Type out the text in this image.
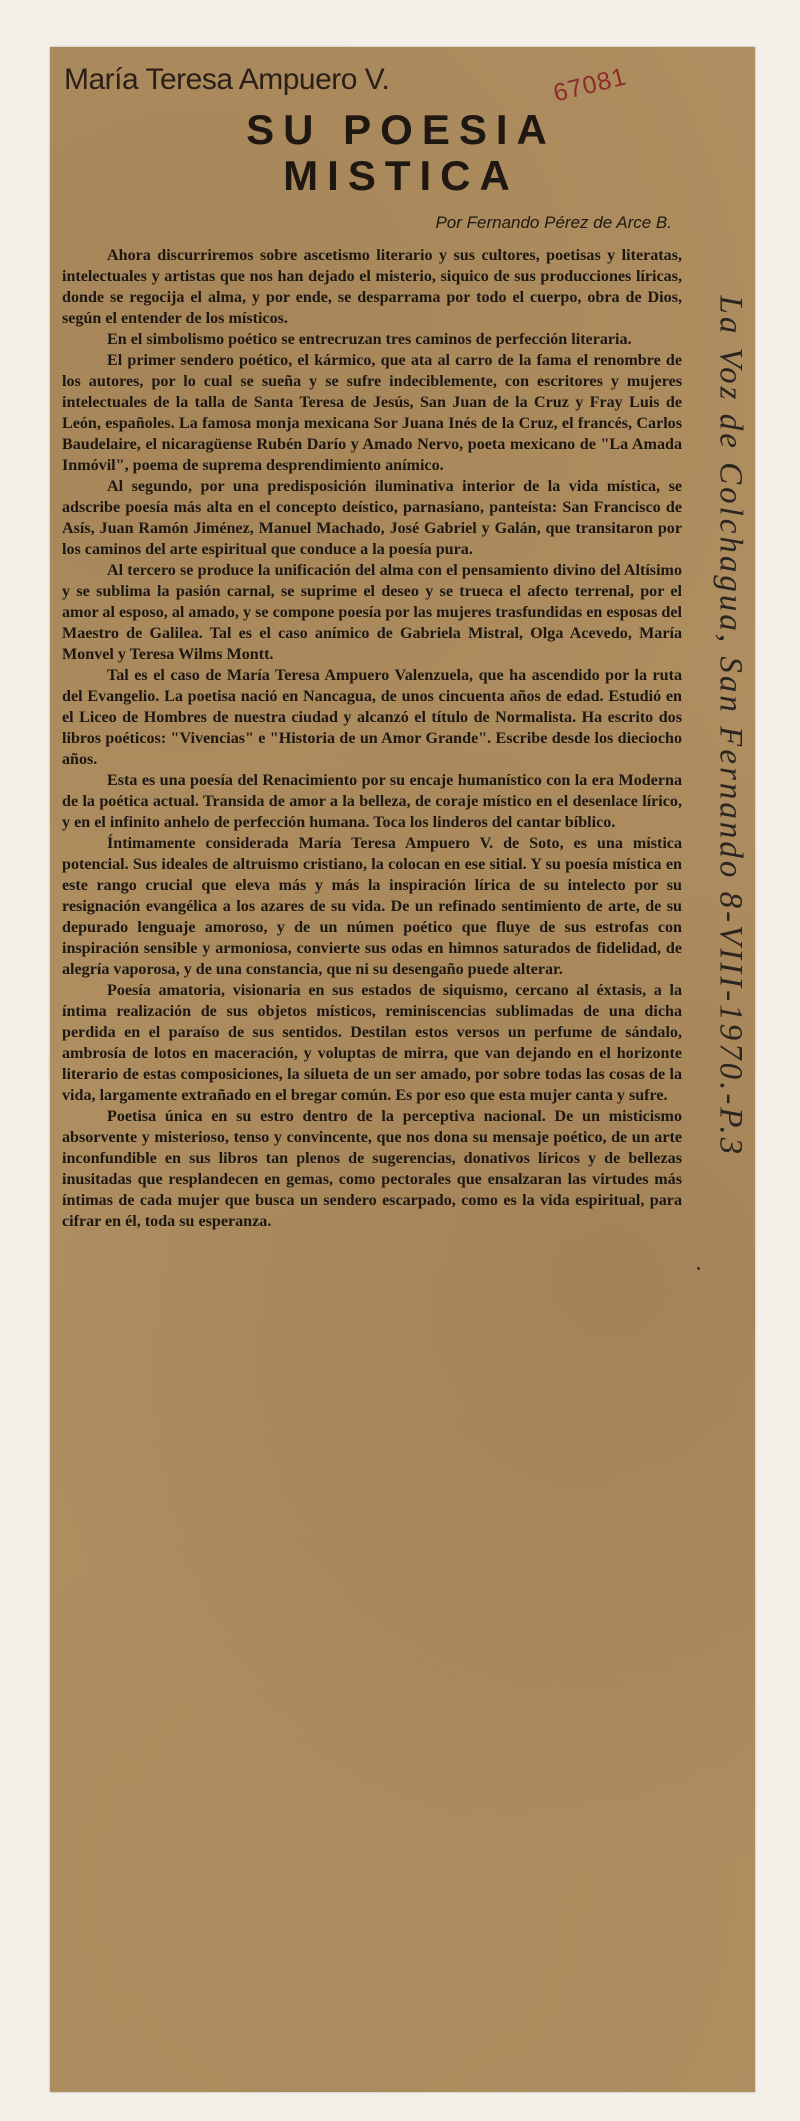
67081
María Teresa Ampuero V.
SU POESIA MISTICA
Por Fernando Pérez de Arce B.

Ahora discurriremos sobre ascetismo literario y sus cultores, poetisas y literatas, intelectuales y artistas que nos han dejado el misterio, siquico de sus producciones líricas, donde se regocija el alma, y por ende, se desparrama por todo el cuerpo, obra de Dios, según el entender de los místicos.

En el simbolismo poético se entrecruzan tres caminos de perfección literaria.

El primer sendero poético, el kármico, que ata al carro de la fama el renombre de los autores, por lo cual se sueña y se sufre indeciblemente, con escritores y mujeres intelectuales de la talla de Santa Teresa de Jesús, San Juan de la Cruz y Fray Luis de León, españoles. La famosa monja mexicana Sor Juana Inés de la Cruz, el francés, Carlos Baudelaire, el nicaragüense Rubén Darío y Amado Nervo, poeta mexicano de "La Amada Inmóvil", poema de suprema desprendimiento anímico.

Al segundo, por una predisposición iluminativa interior de la vida mística, se adscribe poesía más alta en el concepto deístico, parnasiano, panteísta: San Francisco de Asís, Juan Ramón Jiménez, Manuel Machado, José Gabriel y Galán, que transitaron por los caminos del arte espiritual que conduce a la poesía pura.

Al tercero se produce la unificación del alma con el pensamiento divino del Altísimo y se sublima la pasión carnal, se suprime el deseo y se trueca el afecto terrenal, por el amor al esposo, al amado, y se compone poesía por las mujeres trasfundidas en esposas del Maestro de Galilea. Tal es el caso anímico de Gabriela Mistral, Olga Acevedo, María Monvel y Teresa Wilms Montt.

Tal es el caso de María Teresa Ampuero Valenzuela, que ha ascendido por la ruta del Evangelio. La poetisa nació en Nancagua, de unos cincuenta años de edad. Estudió en el Liceo de Hombres de nuestra ciudad y alcanzó el título de Normalista. Ha escrito dos libros poéticos: "Vivencias" e "Historia de un Amor Grande". Escribe desde los dieciocho años.

Esta es una poesía del Renacimiento por su encaje humanístico con la era Moderna de la poética actual. Transida de amor a la belleza, de coraje místico en el desenlace lírico, y en el infinito anhelo de perfección humana. Toca los linderos del cantar bíblico.

Íntimamente considerada María Teresa Ampuero V. de Soto, es una mística potencial. Sus ideales de altruismo cristiano, la colocan en ese sitial. Y su poesía mística en este rango crucial que eleva más y más la inspiración lírica de su intelecto por su resignación evangélica a los azares de su vida. De un refinado sentimiento de arte, de su depurado lenguaje amoroso, y de un númen poético que fluye de sus estrofas con inspiración sensible y armoniosa, convierte sus odas en himnos saturados de fidelidad, de alegría vaporosa, y de una constancia, que ni su desengaño puede alterar.

Poesía amatoria, visionaria en sus estados de siquismo, cercano al éxtasis, a la íntima realización de sus objetos místicos, reminiscencias sublimadas de una dicha perdida en el paraíso de sus sentidos. Destilan estos versos un perfume de sándalo, ambrosía de lotos en maceración, y voluptas de mirra, que van dejando en el horizonte literario de estas composiciones, la silueta de un ser amado, por sobre todas las cosas de la vida, largamente extrañado en el bregar común. Es por eso que esta mujer canta y sufre.

Poetisa única en su estro dentro de la perceptiva nacional. De un misticismo absorvente y misterioso, tenso y convincente, que nos dona su mensaje poético, de un arte inconfundible en sus libros tan plenos de sugerencias, donativos líricos y de bellezas inusitadas que resplandecen en gemas, como pectorales que ensalzaran las virtudes más íntimas de cada mujer que busca un sendero escarpado, como es la vida espiritual, para cifrar en él, toda su esperanza.

La Voz de Colchagua, San Fernando 8-VIII-1970.-P.3
